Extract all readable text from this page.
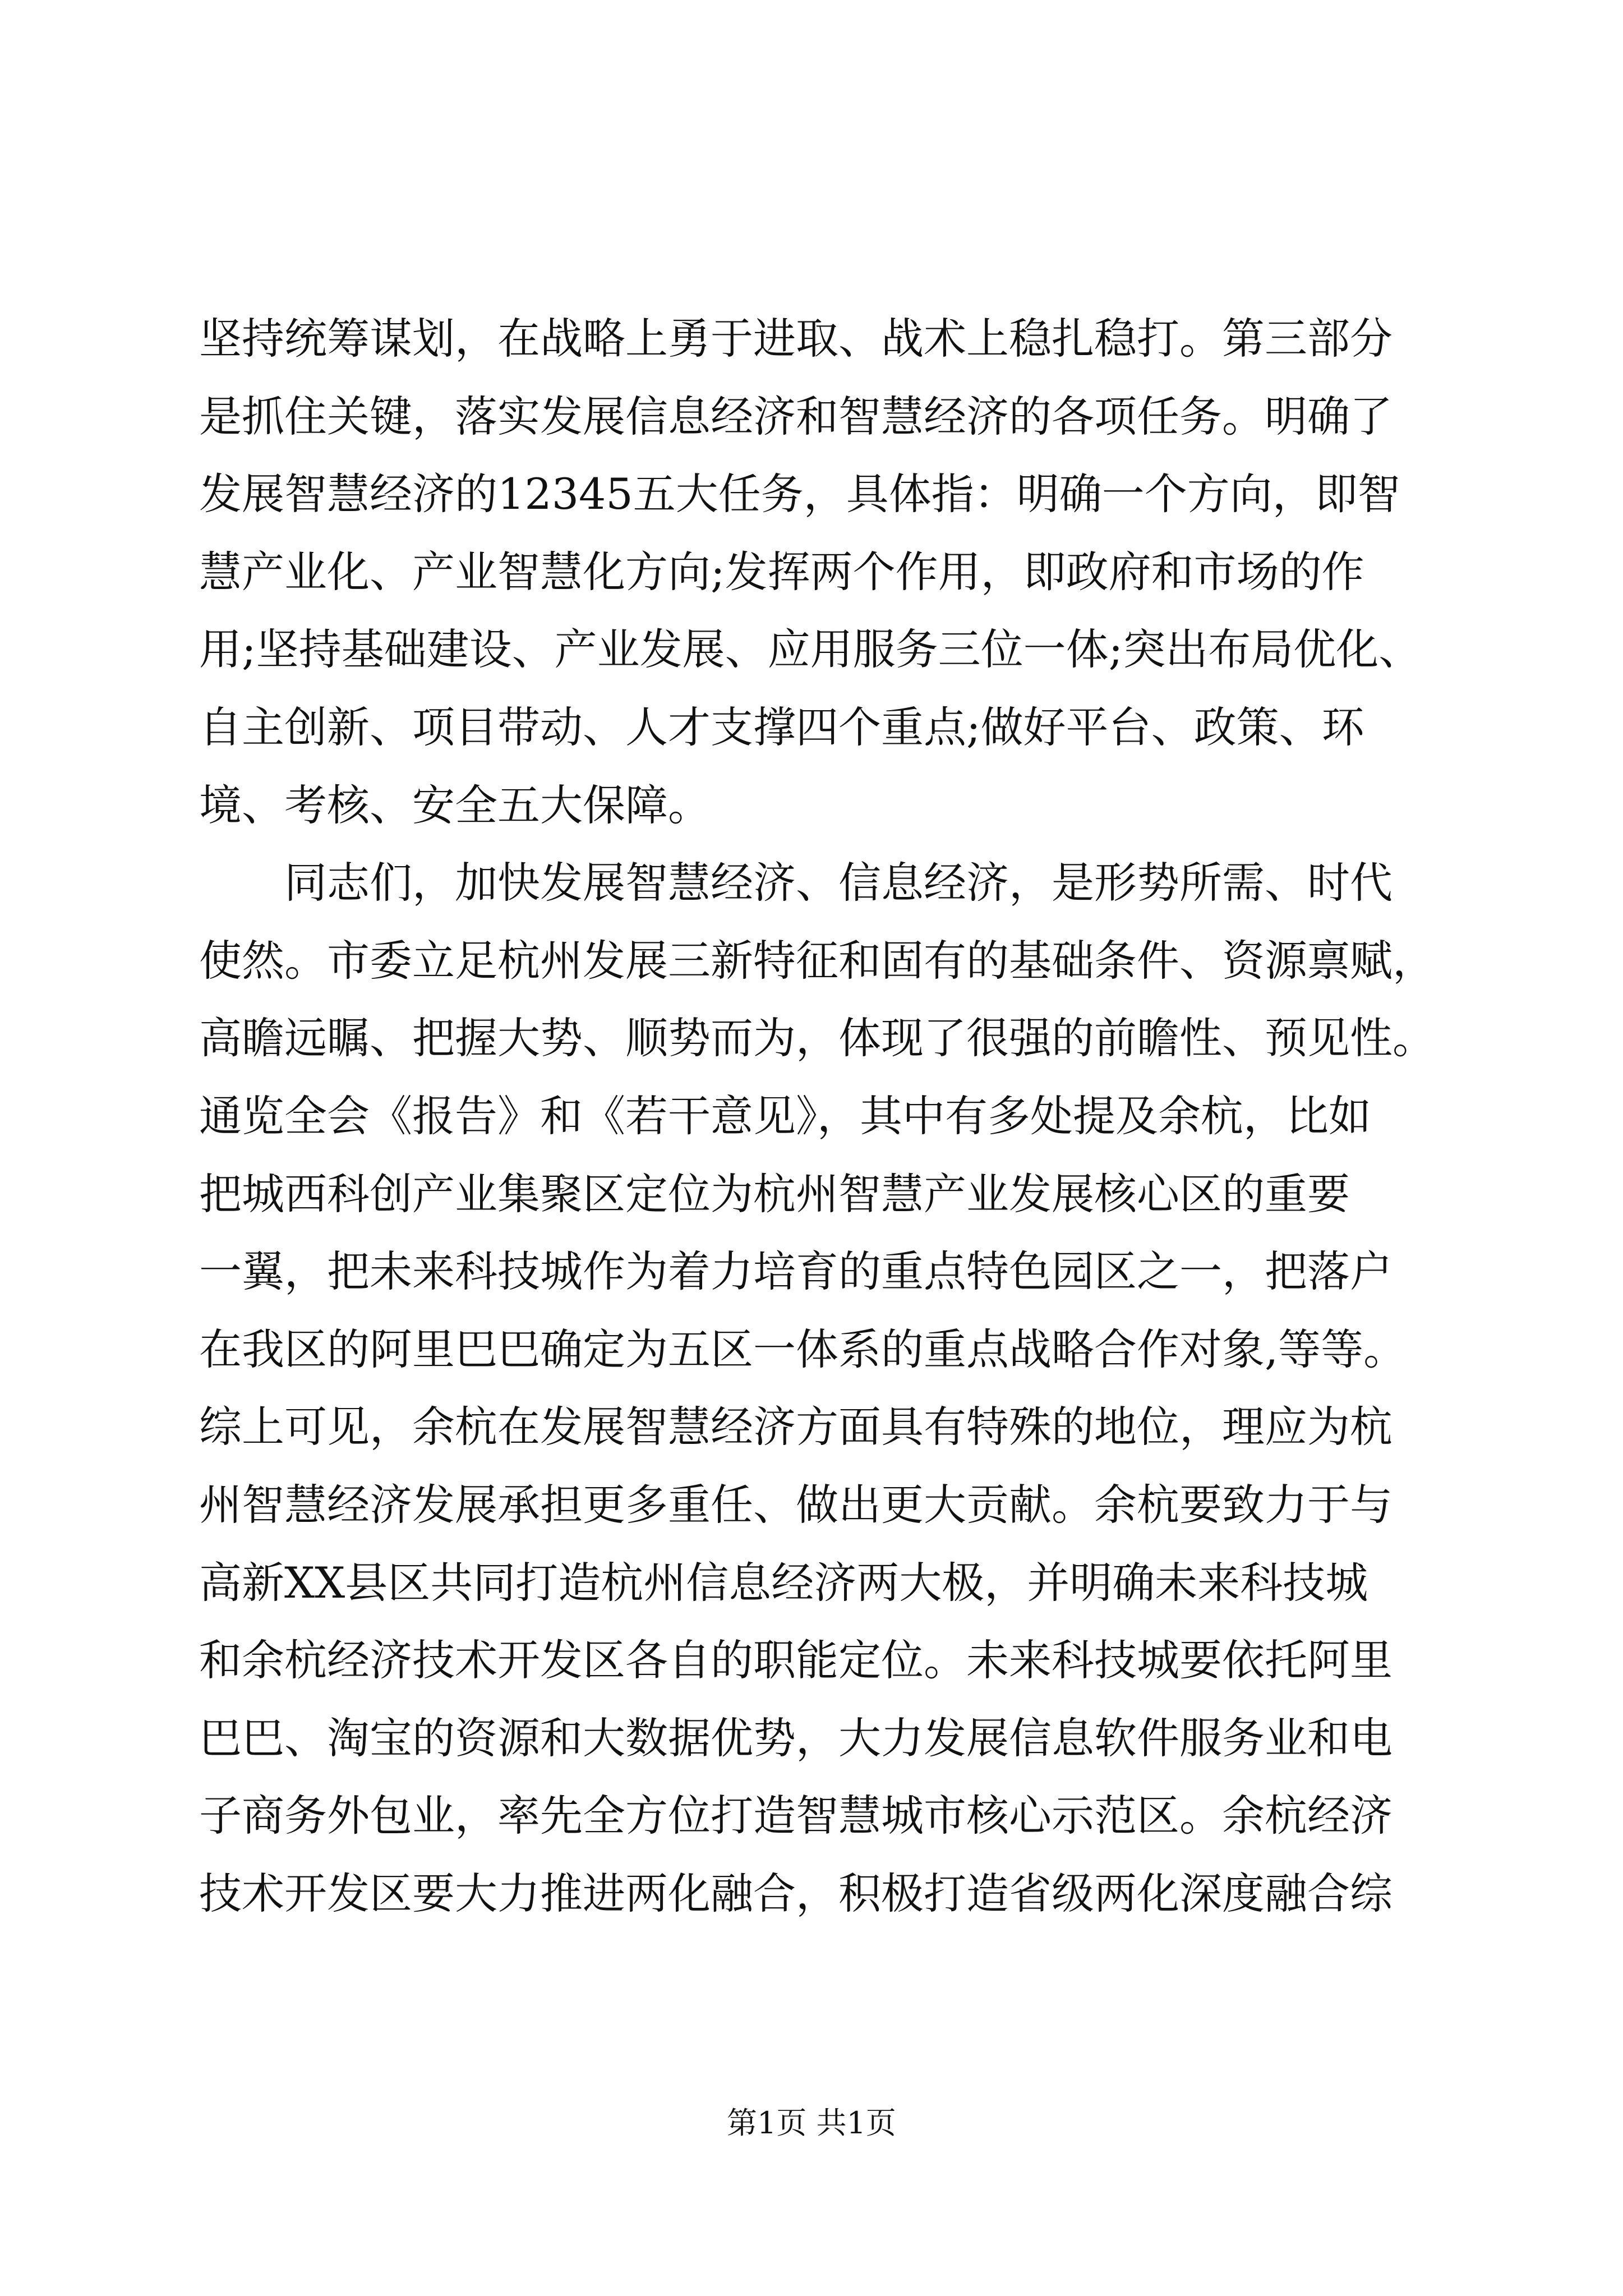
坚持统筹谋划，在战略上勇于进取、战术上稳扎稳打。第三部分
是抓住关键，落实发展信息经济和智慧经济的各项任务。明确了
发展智慧经济的12345五大任务，具体指：明确一个方向，即智
慧产业化、产业智慧化方向;发挥两个作用，即政府和市场的作
用;坚持基础建设、产业发展、应用服务三位一体;突出布局优化、
自主创新、项目带动、人才支撑四个重点;做好平台、政策、环
境、考核、安全五大保障。
　　同志们，加快发展智慧经济、信息经济，是形势所需、时代
使然。市委立足杭州发展三新特征和固有的基础条件、资源禀赋，
高瞻远瞩、把握大势、顺势而为，体现了很强的前瞻性、预见性。
通览全会《报告》和《若干意见》，其中有多处提及余杭，比如
把城西科创产业集聚区定位为杭州智慧产业发展核心区的重要
一翼，把未来科技城作为着力培育的重点特色园区之一，把落户
在我区的阿里巴巴确定为五区一体系的重点战略合作对象,等等。
综上可见，余杭在发展智慧经济方面具有特殊的地位，理应为杭
州智慧经济发展承担更多重任、做出更大贡献。余杭要致力于与
高新XX县区共同打造杭州信息经济两大极，并明确未来科技城
和余杭经济技术开发区各自的职能定位。未来科技城要依托阿里
巴巴、淘宝的资源和大数据优势，大力发展信息软件服务业和电
子商务外包业，率先全方位打造智慧城市核心示范区。余杭经济
技术开发区要大力推进两化融合，积极打造省级两化深度融合综
第1页 共1页
